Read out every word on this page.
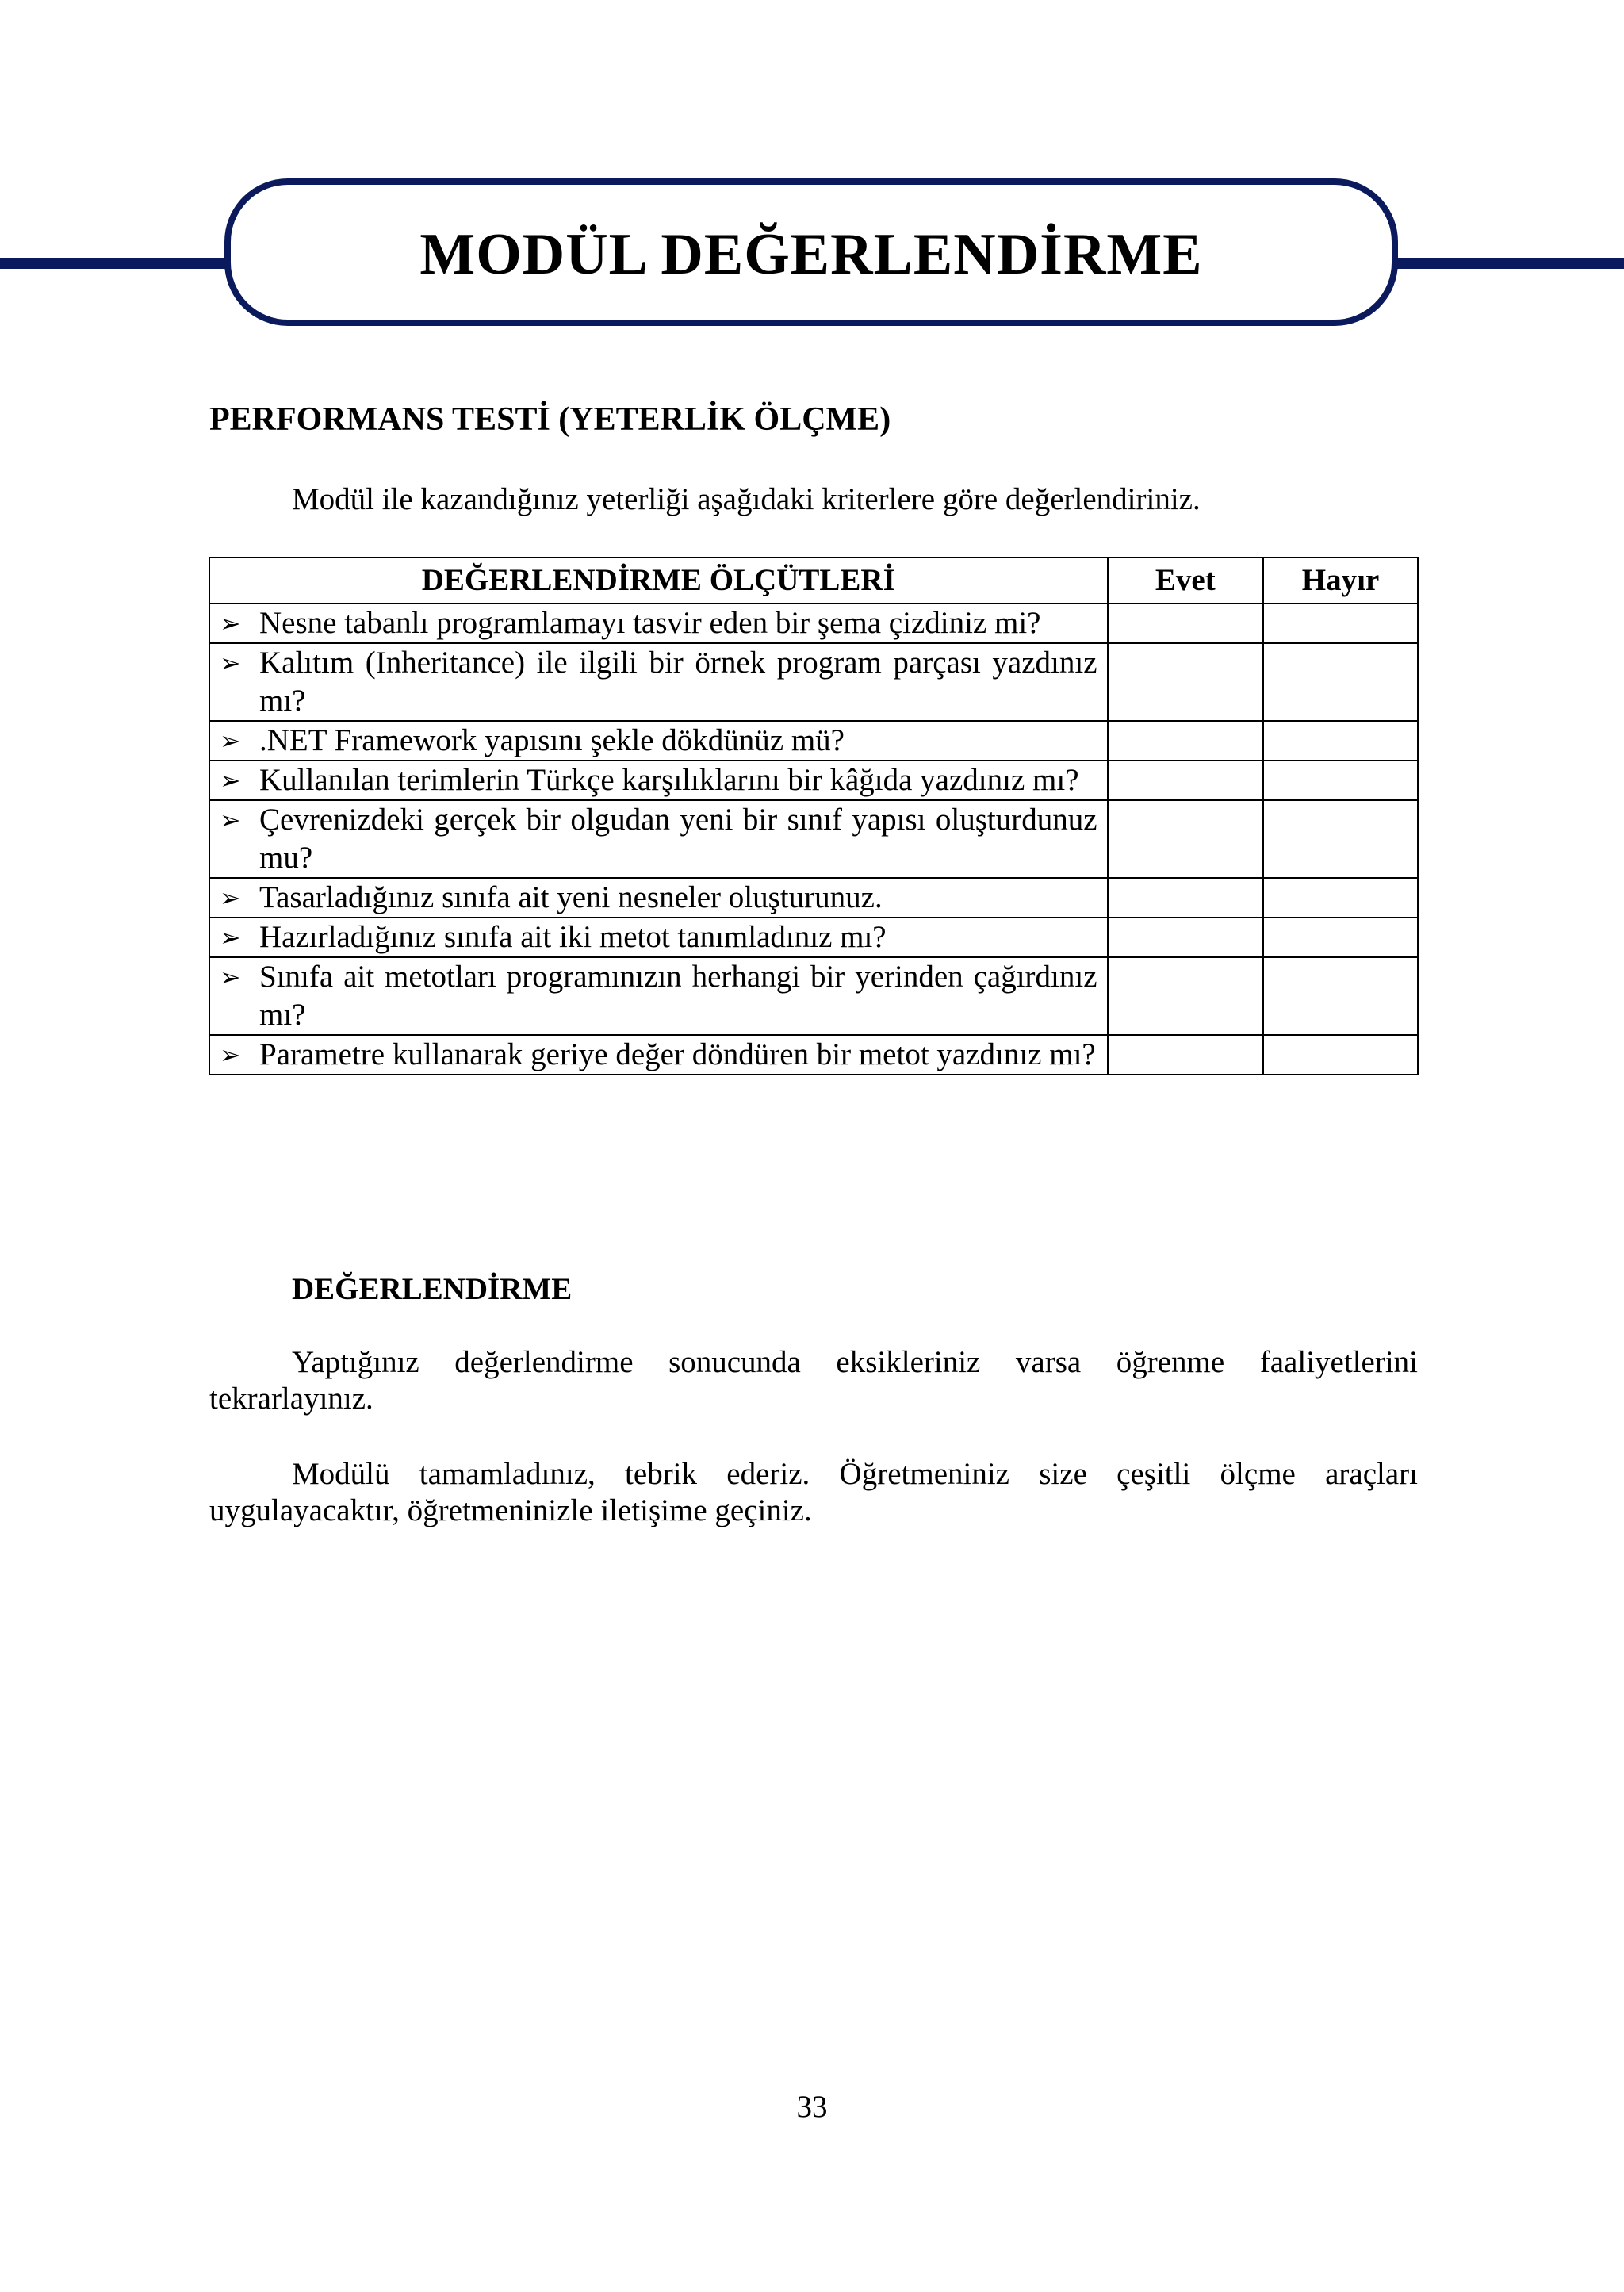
MODÜL DEĞERLENDİRME
PERFORMANS TESTİ (YETERLİK ÖLÇME)

Modül ile kazandığınız yeterliği aşağıdaki kriterlere göre değerlendiriniz.

DEĞERLENDİRME ÖLÇÜTLERİ	Evet	Hayır

➢ Nesne tabanlı programlamayı tasvir eden bir şema çizdiniz mi?		

➢ Kalıtım (Inheritance) ile ilgili bir örnek program parçası yazdınız mı?		

➢ .NET Framework yapısını şekle dökdünüz mü?		

➢ Kullanılan terimlerin Türkçe karşılıklarını bir kâğıda yazdınız mı?		

➢ Çevrenizdeki gerçek bir olgudan yeni bir sınıf yapısı oluşturdunuz mu?		

➢ Tasarladığınız sınıfa ait yeni nesneler oluşturunuz.		

➢ Hazırladığınız sınıfa ait iki metot tanımladınız mı?		

➢ Sınıfa ait metotları programınızın herhangi bir yerinden çağırdınız mı?		

➢ Parametre kullanarak geriye değer döndüren bir metot yazdınız mı?		

DEĞERLENDİRME

Yaptığınız değerlendirme sonucunda eksikleriniz varsa öğrenme faaliyetlerini tekrarlayınız.

Modülü tamamladınız, tebrik ederiz. Öğretmeniniz size çeşitli ölçme araçları uygulayacaktır, öğretmeninizle iletişime geçiniz.

33
